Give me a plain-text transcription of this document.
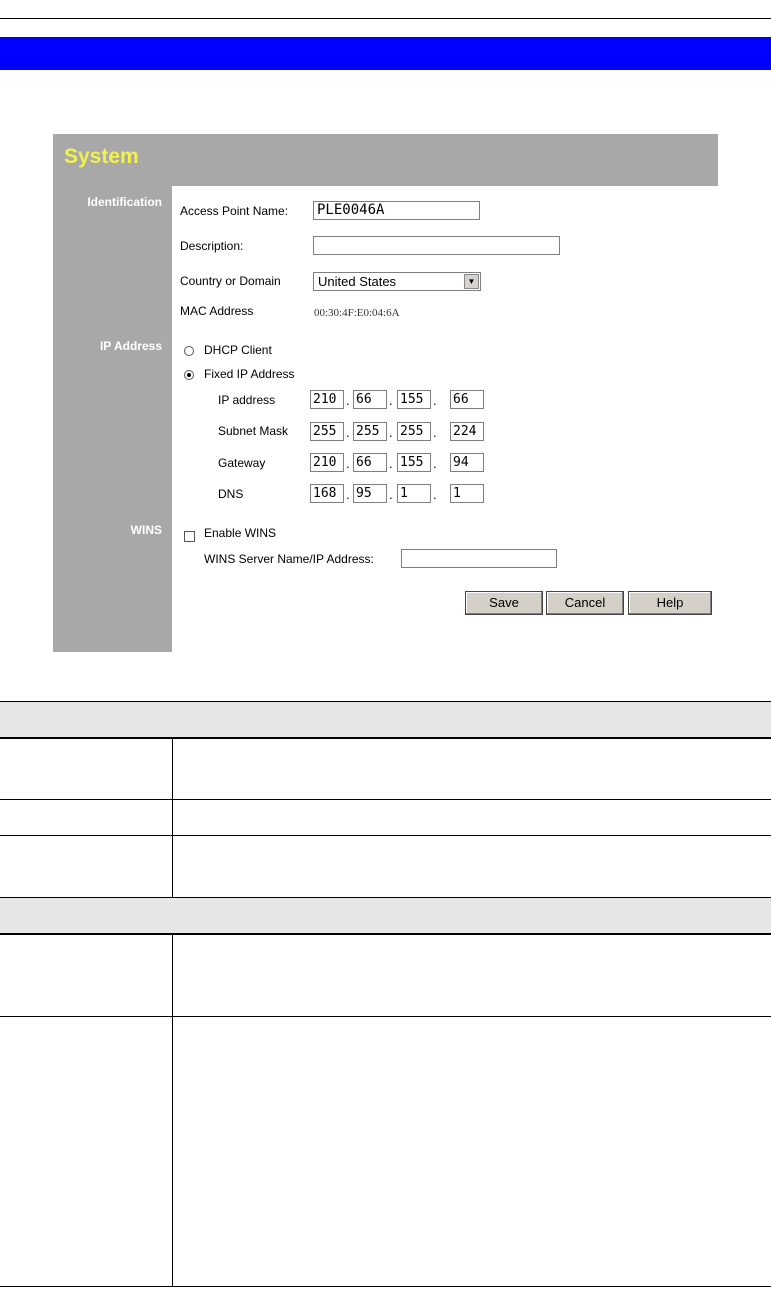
System
Identification
IP Address
WINS
Access Point Name: PLE0046A
Description:
Country or Domain	United States	▼
MAC Address	00:30:4F:E0:04:6A
DHCP Client
Fixed IP Address
IP address	210 . 66	. 155 . 66
Subnet Mask 255 . 255 . 255 . 224
Gateway	210 . 66	. 155 . 94
DNS	168 . 95	. 1	. 1
Enable WINS
WINS Server Name/IP Address:
Save	Cancel	Help
